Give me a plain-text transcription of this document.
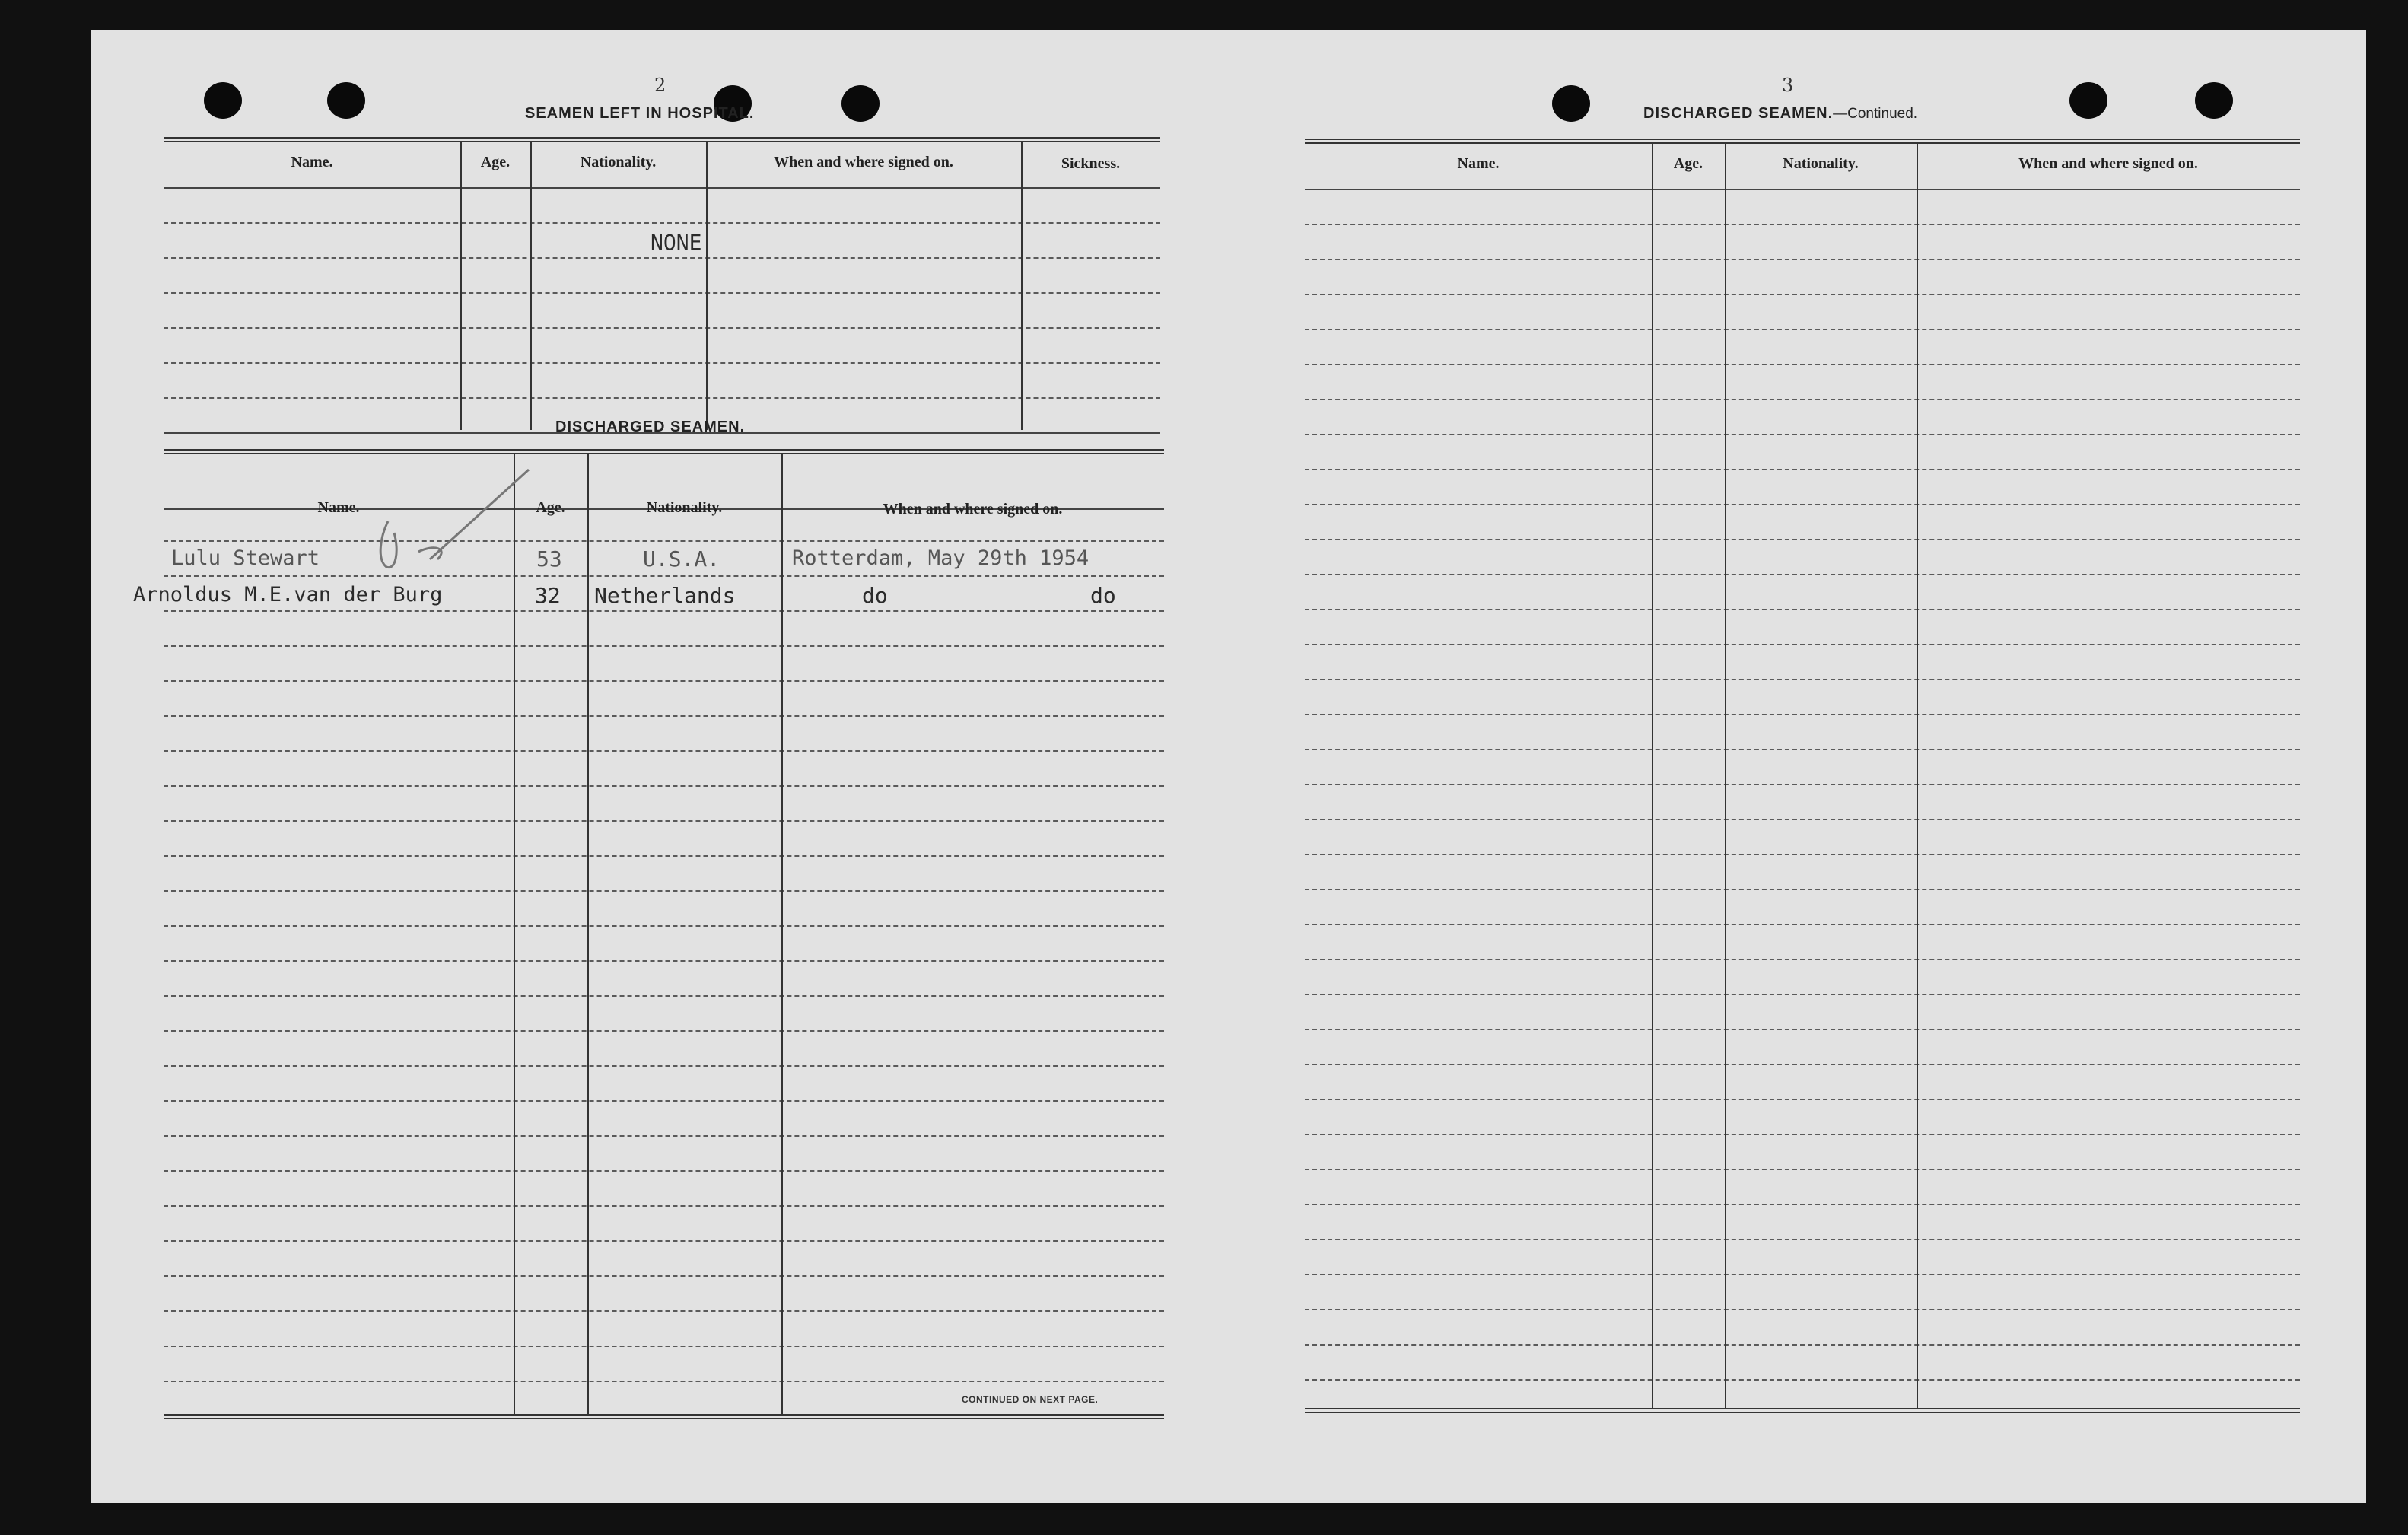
2
SEAMEN LEFT IN HOSPITAL.
Name.	Age.	Nationality.	When and where signed on.	Sickness.
NONE
DISCHARGED SEAMEN.
Name.	Age.	Nationality.	When and where signed on.
Lulu Stewart	53	U.S.A.	Rotterdam, May 29th 1954
Arnoldus M.E.van der Burg	32 Netherlands	do	do
CONTINUED ON NEXT PAGE.
3
DISCHARGED SEAMEN.—Continued.
Name.	Age.	Nationality.	When and where signed on.
